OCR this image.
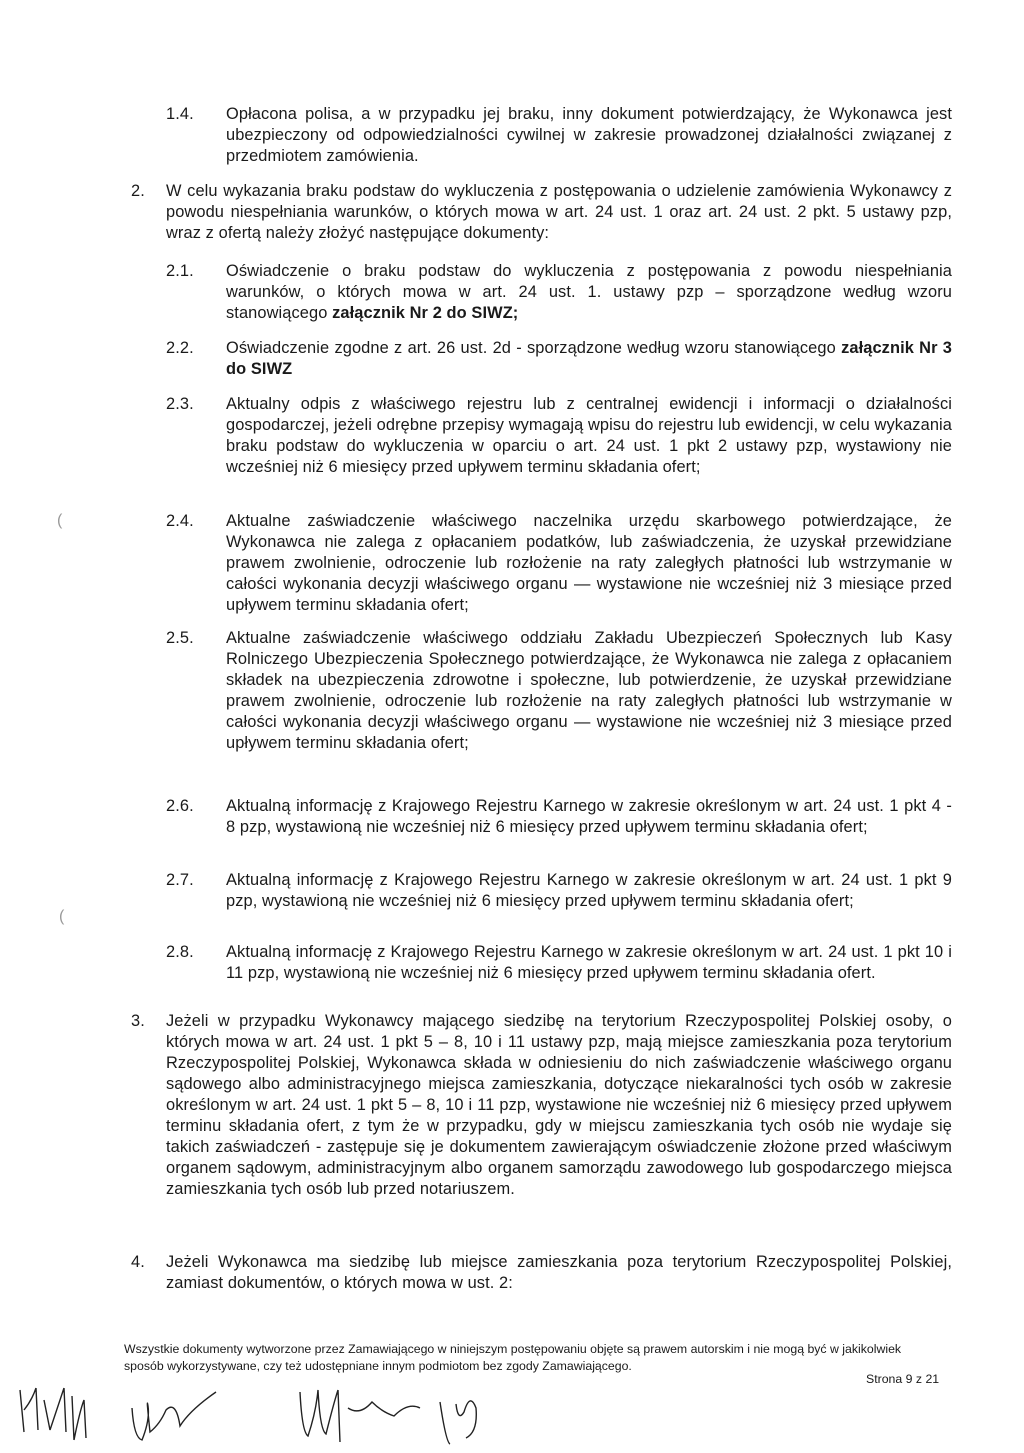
1.4. Opłacona polisa, a w przypadku jej braku, inny dokument potwierdzający, że Wykonawca jest ubezpieczony od odpowiedzialności cywilnej w zakresie prowadzonej działalności związanej z przedmiotem zamówienia.
2. W celu wykazania braku podstaw do wykluczenia z postępowania o udzielenie zamówienia Wykonawcy z powodu niespełniania warunków, o których mowa w art. 24 ust. 1 oraz art. 24 ust. 2 pkt. 5 ustawy pzp, wraz z ofertą należy złożyć następujące dokumenty:
2.1. Oświadczenie o braku podstaw do wykluczenia z postępowania z powodu niespełniania warunków, o których mowa w art. 24 ust. 1. ustawy pzp – sporządzone według wzoru stanowiącego załącznik Nr 2 do SIWZ;
2.2. Oświadczenie zgodne z art. 26 ust. 2d - sporządzone według wzoru stanowiącego załącznik Nr 3 do SIWZ
2.3. Aktualny odpis z właściwego rejestru lub z centralnej ewidencji i informacji o działalności gospodarczej, jeżeli odrębne przepisy wymagają wpisu do rejestru lub ewidencji, w celu wykazania braku podstaw do wykluczenia w oparciu o art. 24 ust. 1 pkt 2 ustawy pzp, wystawiony nie wcześniej niż 6 miesięcy przed upływem terminu składania ofert;
2.4. Aktualne zaświadczenie właściwego naczelnika urzędu skarbowego potwierdzające, że Wykonawca nie zalega z opłacaniem podatków, lub zaświadczenia, że uzyskał przewidziane prawem zwolnienie, odroczenie lub rozłożenie na raty zaległych płatności lub wstrzymanie w całości wykonania decyzji właściwego organu — wystawione nie wcześniej niż 3 miesiące przed upływem terminu składania ofert;
2.5. Aktualne zaświadczenie właściwego oddziału Zakładu Ubezpieczeń Społecznych lub Kasy Rolniczego Ubezpieczenia Społecznego potwierdzające, że Wykonawca nie zalega z opłacaniem składek na ubezpieczenia zdrowotne i społeczne, lub potwierdzenie, że uzyskał przewidziane prawem zwolnienie, odroczenie lub rozłożenie na raty zaległych płatności lub wstrzymanie w całości wykonania decyzji właściwego organu — wystawione nie wcześniej niż 3 miesiące przed upływem terminu składania ofert;
2.6. Aktualną informację z Krajowego Rejestru Karnego w zakresie określonym w art. 24 ust. 1 pkt 4 - 8 pzp, wystawioną nie wcześniej niż 6 miesięcy przed upływem terminu składania ofert;
2.7. Aktualną informację z Krajowego Rejestru Karnego w zakresie określonym w art. 24 ust. 1 pkt 9 pzp, wystawioną nie wcześniej niż 6 miesięcy przed upływem terminu składania ofert;
2.8. Aktualną informację z Krajowego Rejestru Karnego w zakresie określonym w art. 24 ust. 1 pkt 10 i 11 pzp, wystawioną nie wcześniej niż 6 miesięcy przed upływem terminu składania ofert.
3. Jeżeli w przypadku Wykonawcy mającego siedzibę na terytorium Rzeczypospolitej Polskiej osoby, o których mowa w art. 24 ust. 1 pkt 5 – 8, 10 i 11 ustawy pzp, mają miejsce zamieszkania poza terytorium Rzeczypospolitej Polskiej, Wykonawca składa w odniesieniu do nich zaświadczenie właściwego organu sądowego albo administracyjnego miejsca zamieszkania, dotyczące niekaralności tych osób w zakresie określonym w art. 24 ust. 1 pkt 5 – 8, 10 i 11 pzp, wystawione nie wcześniej niż 6 miesięcy przed upływem terminu składania ofert, z tym że w przypadku, gdy w miejscu zamieszkania tych osób nie wydaje się takich zaświadczeń - zastępuje się je dokumentem zawierającym oświadczenie złożone przed właściwym organem sądowym, administracyjnym albo organem samorządu zawodowego lub gospodarczego miejsca zamieszkania tych osób lub przed notariuszem.
4. Jeżeli Wykonawca ma siedzibę lub miejsce zamieszkania poza terytorium Rzeczypospolitej Polskiej, zamiast dokumentów, o których mowa w ust. 2:
Wszystkie dokumenty wytworzone przez Zamawiającego w niniejszym postępowaniu objęte są prawem autorskim i nie mogą być w jakikolwiek sposób wykorzystywane, czy też udostępniane innym podmiotom bez zgody Zamawiającego.
Strona 9 z 21
(
(
